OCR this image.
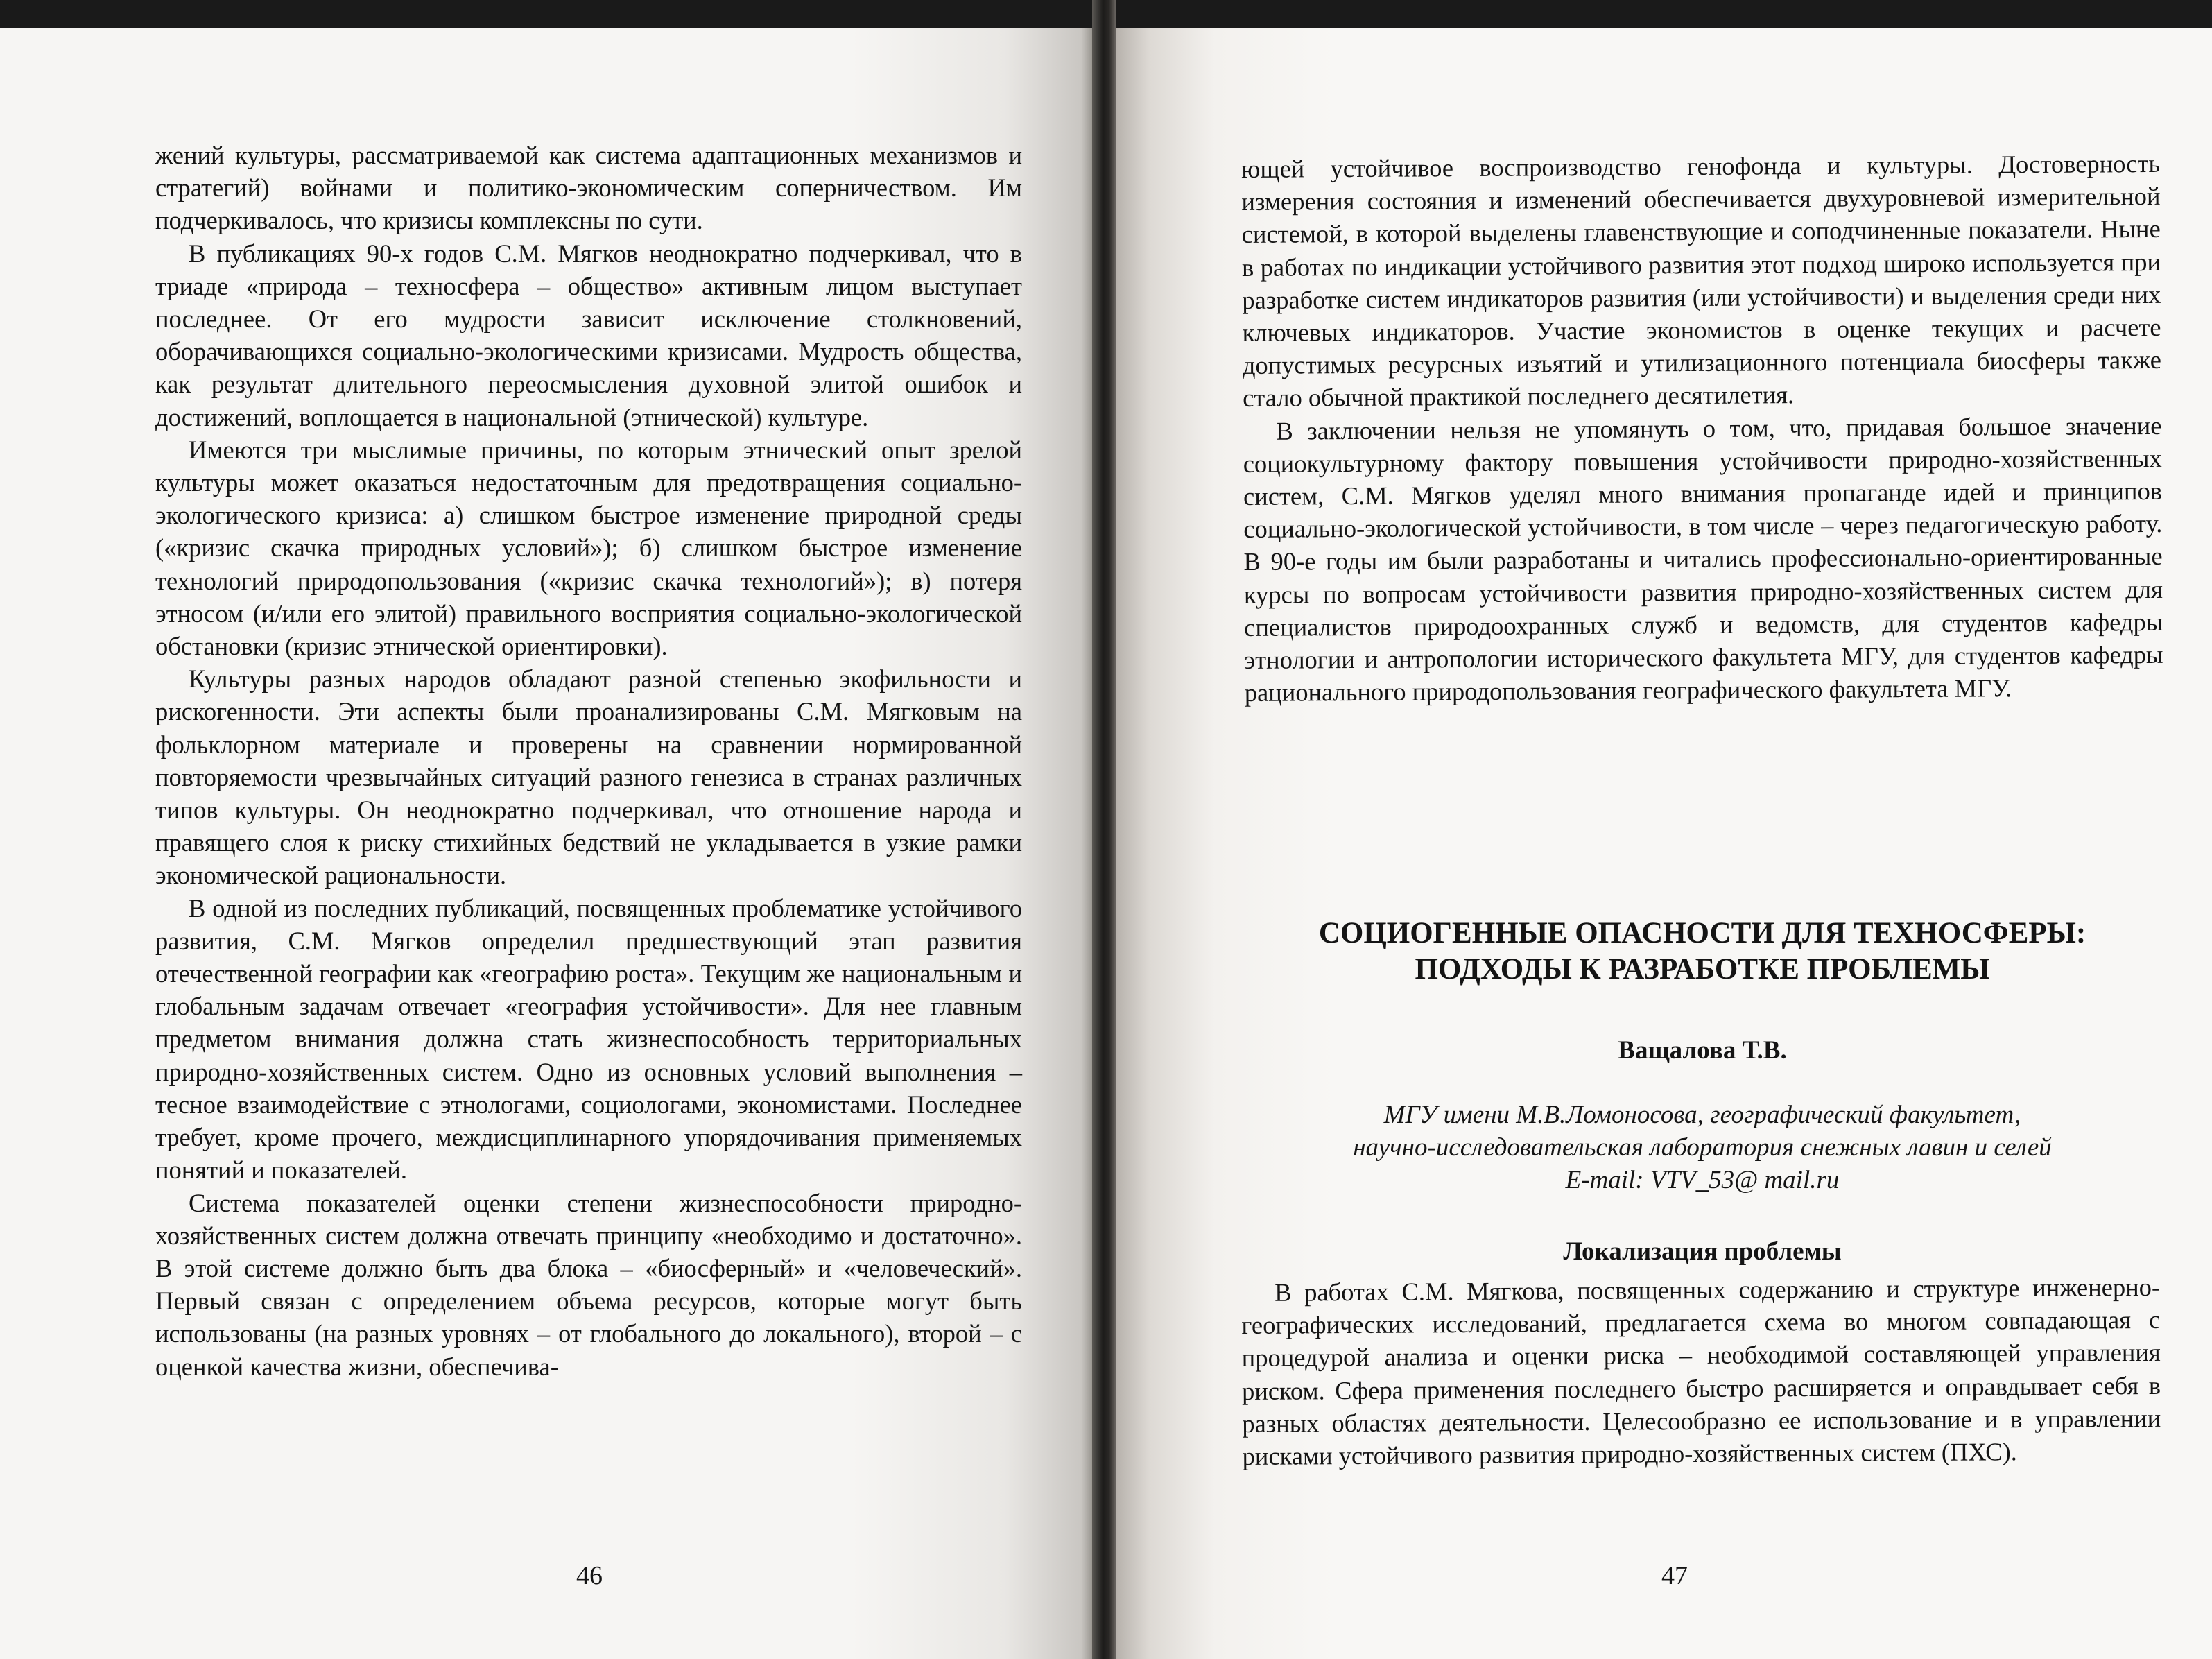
жений культуры, рассматриваемой как система адаптационных механизмов и стратегий) войнами и политико-экономическим соперничеством. Им подчеркивалось, что кризисы комплексны по сути.

В публикациях 90-х годов С.М. Мягков неоднократно подчеркивал, что в триаде «природа – техносфера – общество» активным лицом выступает последнее. От его мудрости зависит исключение столкновений, оборачивающихся социально-экологическими кризисами. Мудрость общества, как результат длительного переосмысления духовной элитой ошибок и достижений, воплощается в национальной (этнической) культуре.

Имеются три мыслимые причины, по которым этнический опыт зрелой культуры может оказаться недостаточным для предотвращения социально-экологического кризиса: а) слишком быстрое изменение природной среды («кризис скачка природных условий»); б) слишком быстрое изменение технологий природопользования («кризис скачка технологий»); в) потеря этносом (и/или его элитой) правильного восприятия социально-экологической обстановки (кризис этнической ориентировки).

Культуры разных народов обладают разной степенью экофильности и рискогенности. Эти аспекты были проанализированы С.М. Мягковым на фольклорном материале и проверены на сравнении нормированной повторяемости чрезвычайных ситуаций разного генезиса в странах различных типов культуры. Он неоднократно подчеркивал, что отношение народа и правящего слоя к риску стихийных бедствий не укладывается в узкие рамки экономической рациональности.

В одной из последних публикаций, посвященных проблематике устойчивого развития, С.М. Мягков определил предшествующий этап развития отечественной географии как «географию роста». Текущим же национальным и глобальным задачам отвечает «география устойчивости». Для нее главным предметом внимания должна стать жизнеспособность территориальных природно-хозяйственных систем. Одно из основных условий выполнения – тесное взаимодействие с этнологами, социологами, экономистами. Последнее требует, кроме прочего, междисциплинарного упорядочивания применяемых понятий и показателей.

Система показателей оценки степени жизнеспособности природно-хозяйственных систем должна отвечать принципу «необходимо и достаточно». В этой системе должно быть два блока – «биосферный» и «человеческий». Первый связан с определением объема ресурсов, которые могут быть использованы (на разных уровнях – от глобального до локального), второй – с оценкой качества жизни, обеспечива-

46

ющей устойчивое воспроизводство генофонда и культуры. Достоверность измерения состояния и изменений обеспечивается двухуровневой измерительной системой, в которой выделены главенствующие и соподчиненные показатели. Ныне в работах по индикации устойчивого развития этот подход широко используется при разработке систем индикаторов развития (или устойчивости) и выделения среди них ключевых индикаторов. Участие экономистов в оценке текущих и расчете допустимых ресурсных изъятий и утилизационного потенциала биосферы также стало обычной практикой последнего десятилетия.

В заключении нельзя не упомянуть о том, что, придавая большое значение социокультурному фактору повышения устойчивости природно-хозяйственных систем, С.М. Мягков уделял много внимания пропаганде идей и принципов социально-экологической устойчивости, в том числе – через педагогическую работу. В 90-е годы им были разработаны и читались профессионально-ориентированные курсы по вопросам устойчивости развития природно-хозяйственных систем для специалистов природоохранных служб и ведомств, для студентов кафедры этнологии и антропологии исторического факультета МГУ, для студентов кафедры рационального природопользования географического факультета МГУ.

СОЦИОГЕННЫЕ ОПАСНОСТИ ДЛЯ ТЕХНОСФЕРЫ:
ПОДХОДЫ К РАЗРАБОТКЕ ПРОБЛЕМЫ
Ващалова Т.В.
МГУ имени М.В.Ломоносова, географический факультет,
научно-исследовательская лаборатория снежных лавин и селей
E-mail: VTV_53@ mail.ru
Локализация проблемы

В работах С.М. Мягкова, посвященных содержанию и структуре инженерно-географических исследований, предлагается схема во многом совпадающая с процедурой анализа и оценки риска – необходимой составляющей управления риском. Сфера применения последнего быстро расширяется и оправдывает себя в разных областях деятельности. Целесообразно ее использование и в управлении рисками устойчивого развития природно-хозяйственных систем (ПХС).

47
